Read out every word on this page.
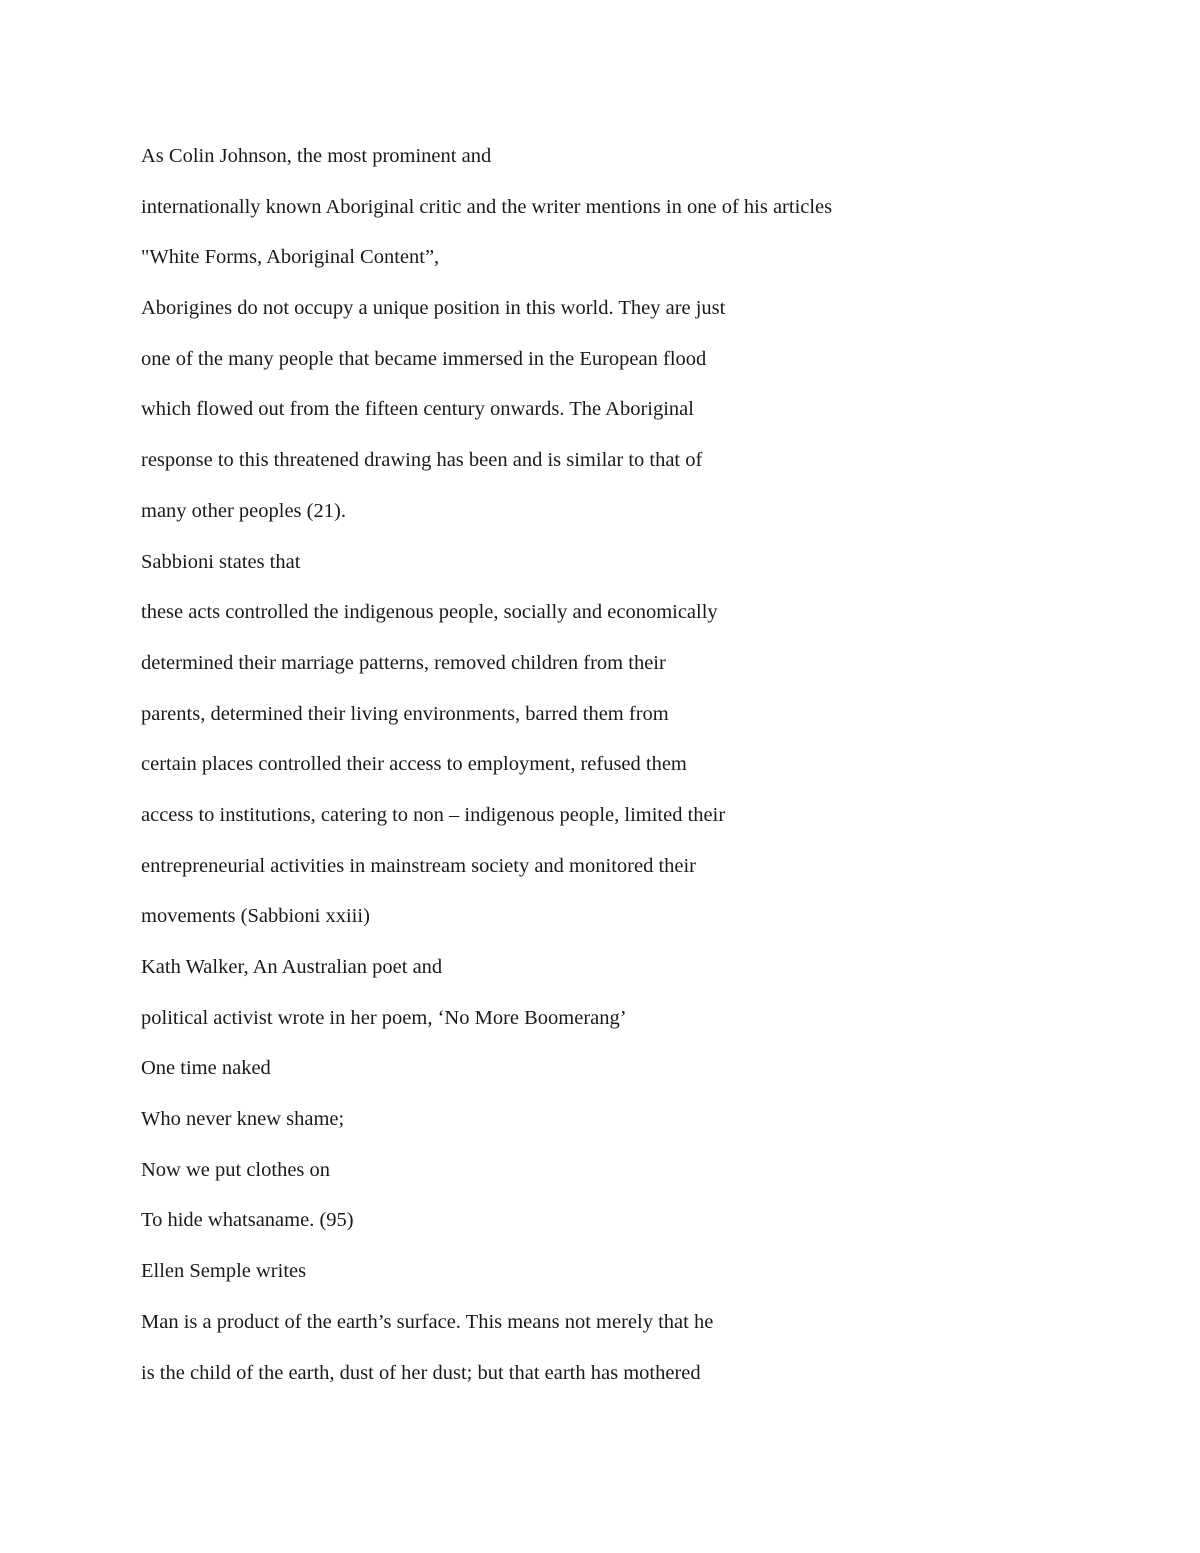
As Colin Johnson, the most prominent and
internationally known Aboriginal critic and the writer mentions in one of his articles
"White Forms, Aboriginal Content”,
Aborigines do not occupy a unique position in this world. They are just
one of the many people that became immersed in the European flood
which flowed out from the fifteen century onwards. The Aboriginal
response to this threatened drawing has been and is similar to that of
many other peoples (21).
Sabbioni states that
these acts controlled the indigenous people, socially and economically
determined their marriage patterns, removed children from their
parents, determined their living environments, barred them from
certain places controlled their access to employment, refused them
access to institutions, catering to non – indigenous people, limited their
entrepreneurial activities in mainstream society and monitored their
movements (Sabbioni xxiii)
Kath Walker, An Australian poet and
political activist wrote in her poem, ‘No More Boomerang’
One time naked
Who never knew shame;
Now we put clothes on
To hide whatsaname. (95)
Ellen Semple writes
Man is a product of the earth’s surface. This means not merely that he
is the child of the earth, dust of her dust; but that earth has mothered
